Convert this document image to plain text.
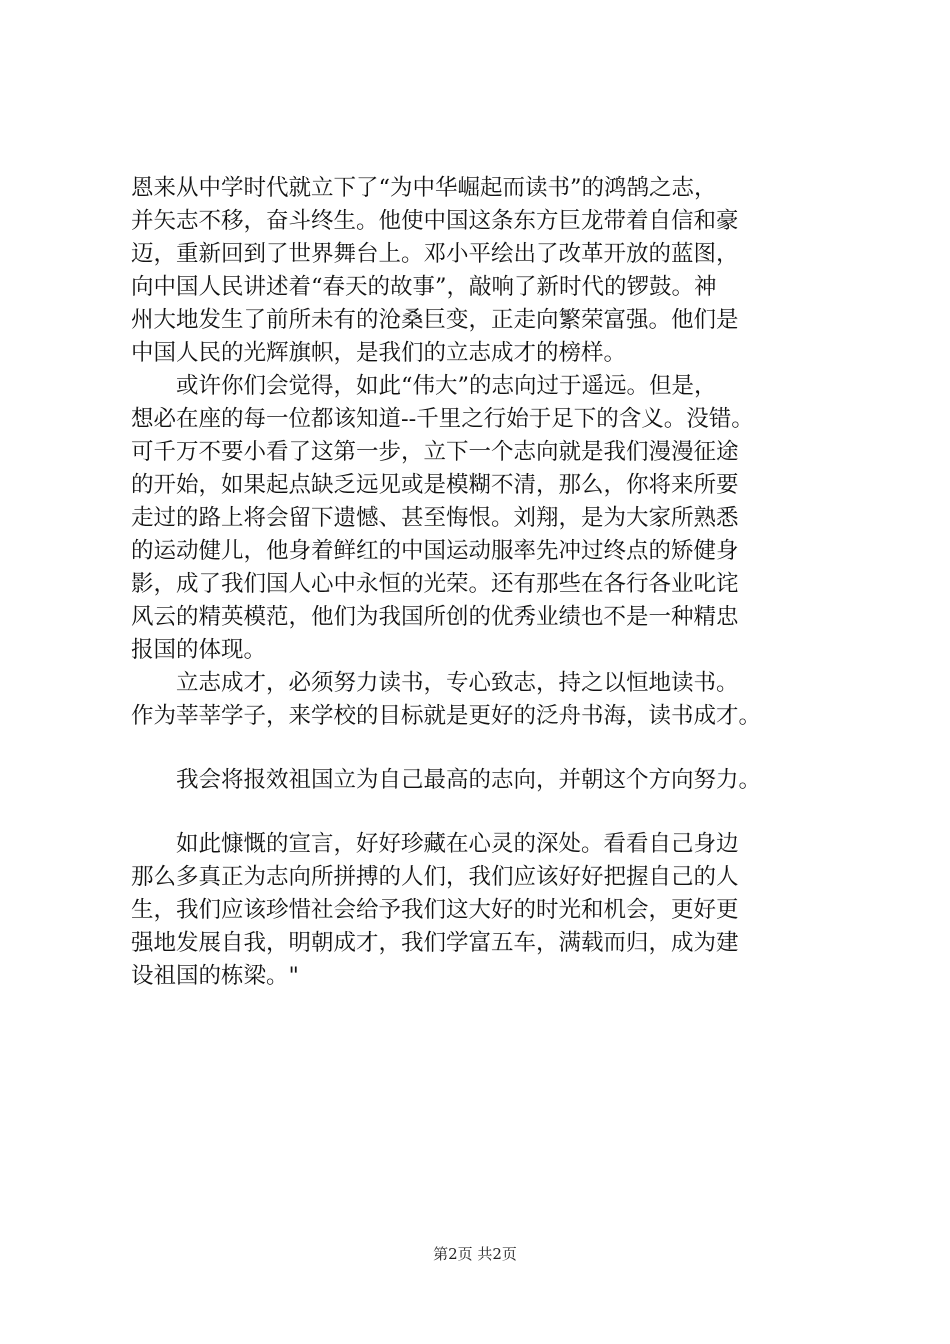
恩来从中学时代就立下了“为中华崛起而读书”的鸿鹄之志，
并矢志不移，奋斗终生。他使中国这条东方巨龙带着自信和豪
迈，重新回到了世界舞台上。邓小平绘出了改革开放的蓝图，
向中国人民讲述着“春天的故事”，敲响了新时代的锣鼓。神
州大地发生了前所未有的沧桑巨变，正走向繁荣富强。他们是
中国人民的光辉旗帜，是我们的立志成才的榜样。
　　或许你们会觉得，如此“伟大”的志向过于遥远。但是，
想必在座的每一位都该知道--千里之行始于足下的含义。没错。
可千万不要小看了这第一步，立下一个志向就是我们漫漫征途
的开始，如果起点缺乏远见或是模糊不清，那么，你将来所要
走过的路上将会留下遗憾、甚至悔恨。刘翔，是为大家所熟悉
的运动健儿，他身着鲜红的中国运动服率先冲过终点的矫健身
影，成了我们国人心中永恒的光荣。还有那些在各行各业叱诧
风云的精英模范，他们为我国所创的优秀业绩也不是一种精忠
报国的体现。
　　立志成才，必须努力读书，专心致志，持之以恒地读书。
作为莘莘学子，来学校的目标就是更好的泛舟书海，读书成才。
　　我会将报效祖国立为自己最高的志向，并朝这个方向努力。
　　如此慷慨的宣言，好好珍藏在心灵的深处。看看自己身边
那么多真正为志向所拼搏的人们，我们应该好好把握自己的人
生，我们应该珍惜社会给予我们这大好的时光和机会，更好更
强地发展自我，明朝成才，我们学富五车，满载而归，成为建
设祖国的栋梁。"
第2页 共2页
